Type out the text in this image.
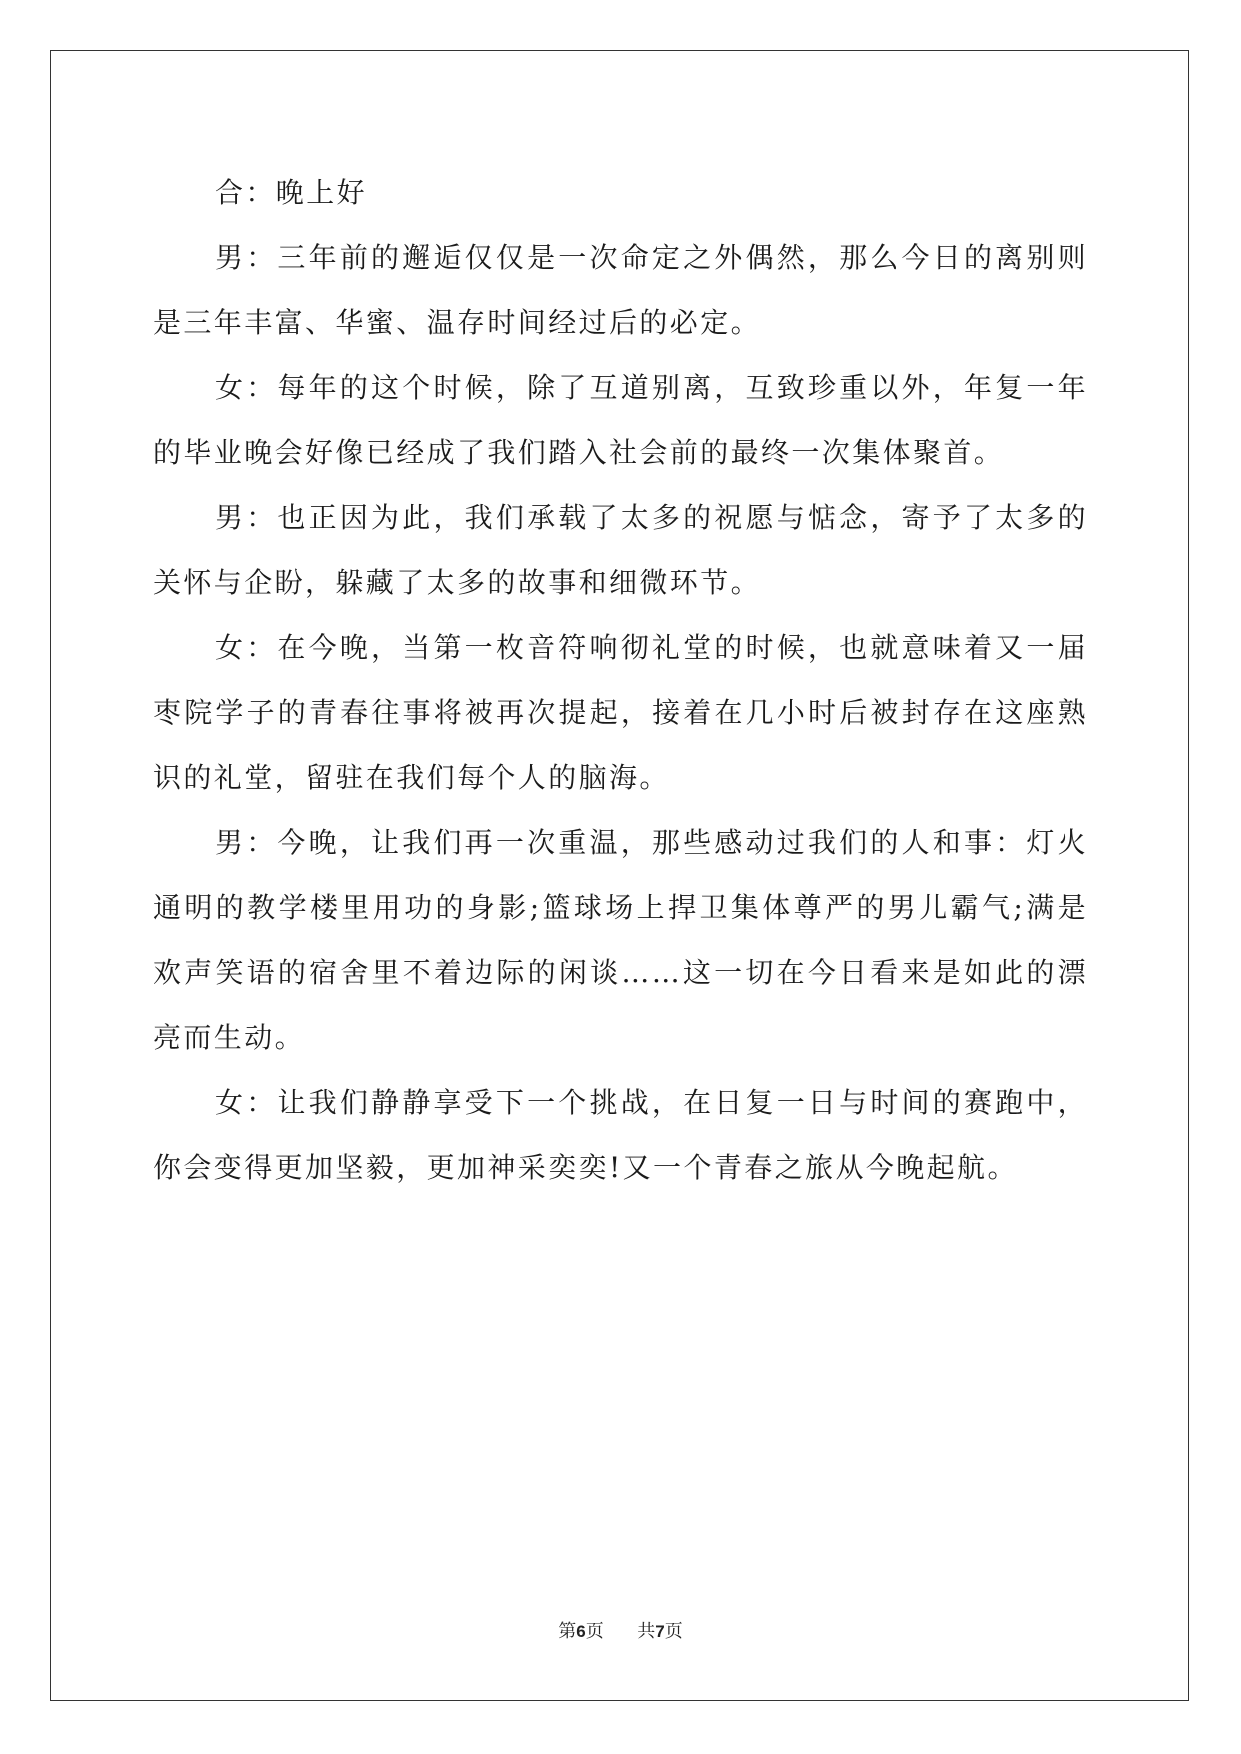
合：晚上好

男：三年前的邂逅仅仅是一次命定之外偶然，那么今日的离别则是三年丰富、华蜜、温存时间经过后的必定。

女：每年的这个时候，除了互道别离，互致珍重以外，年复一年的毕业晚会好像已经成了我们踏入社会前的最终一次集体聚首。

男：也正因为此，我们承载了太多的祝愿与惦念，寄予了太多的关怀与企盼，躲藏了太多的故事和细微环节。

女：在今晚，当第一枚音符响彻礼堂的时候，也就意味着又一届枣院学子的青春往事将被再次提起，接着在几小时后被封存在这座熟识的礼堂，留驻在我们每个人的脑海。

男：今晚，让我们再一次重温，那些感动过我们的人和事：灯火通明的教学楼里用功的身影;篮球场上捍卫集体尊严的男儿霸气;满是欢声笑语的宿舍里不着边际的闲谈……这一切在今日看来是如此的漂亮而生动。

女：让我们静静享受下一个挑战，在日复一日与时间的赛跑中，你会变得更加坚毅，更加神采奕奕!又一个青春之旅从今晚起航。

第6页 共7页
